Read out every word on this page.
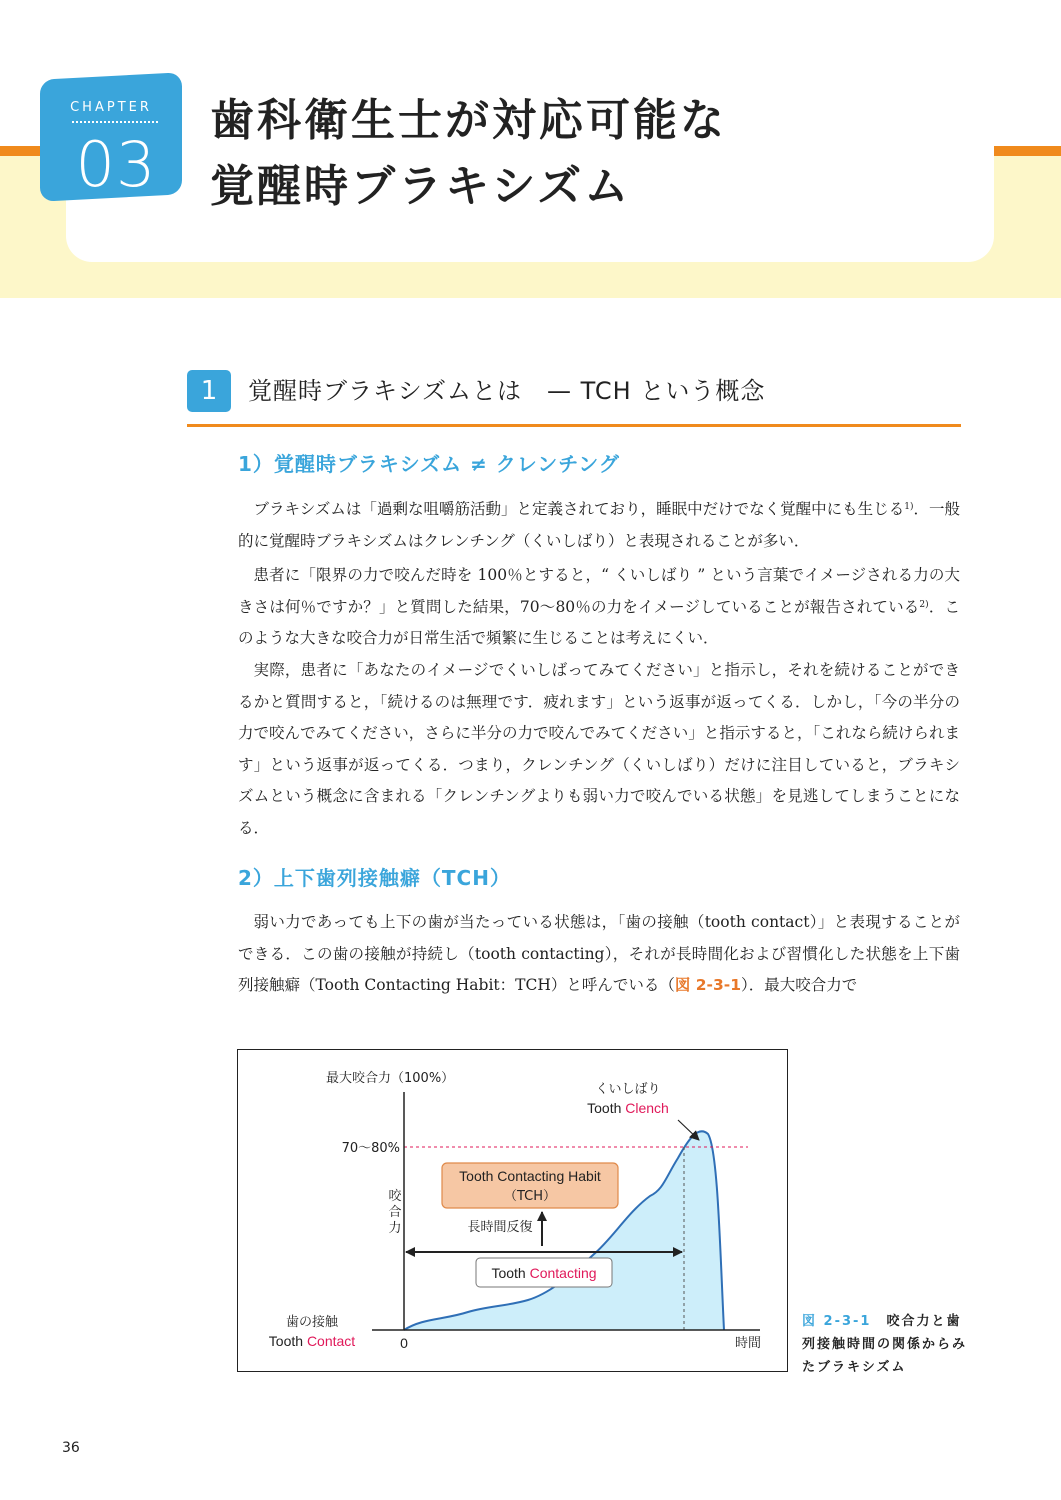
CHAPTER
03
歯科衛生士が対応可能な
覚醒時ブラキシズム
1	覚醒時ブラキシズムとは　— TCH という概念
1）覚醒時ブラキシズム ≠ クレンチング

ブラキシズムは「過剰な咀嚼筋活動」と定義されており，睡眠中だけでなく覚醒中にも生じる$^{1)}$．一般的に覚醒時ブラキシズムはクレンチング（くいしばり）と表現されることが多い．

患者に「限界の力で咬んだ時を 100％とすると，“ くいしばり ” という言葉でイメージされる力の大きさは何％ですか？」と質問した結果，70〜80％の力をイメージしていることが報告されている$^{2)}$．このような大きな咬合力が日常生活で頻繁に生じることは考えにくい．

実際，患者に「あなたのイメージでくいしばってみてください」と指示し，それを続けることができるかと質問すると，「続けるのは無理です．疲れます」という返事が返ってくる．しかし，「今の半分の力で咬んでみてください，さらに半分の力で咬んでみてください」と指示すると，「これなら続けられます」という返事が返ってくる．つまり，クレンチング（くいしばり）だけに注目していると，ブラキシズムという概念に含まれる「クレンチングよりも弱い力で咬んでいる状態」を見逃してしまうことになる．

2）上下歯列接触癖（TCH）

弱い力であっても上下の歯が当たっている状態は，「歯の接触（tooth contact）」と表現することができる．この歯の接触が持続し（tooth contacting），それが長時間化および習慣化した状態を上下歯列接触癖（Tooth Contacting Habit：TCH）と呼んでいる（図 2-3-1）．最大咬合力で

Tooth Contacting Habit
（TCH）
Tooth Contacting
最大咬合力（100%）
くいしばり
Tooth Clench
70〜80%
咬
合
力	長時間反復
歯の接触
Tooth Contact	0	時間
図 2-3-1　 咬合力と歯列接触時間の関係からみたブラキシズム
36
